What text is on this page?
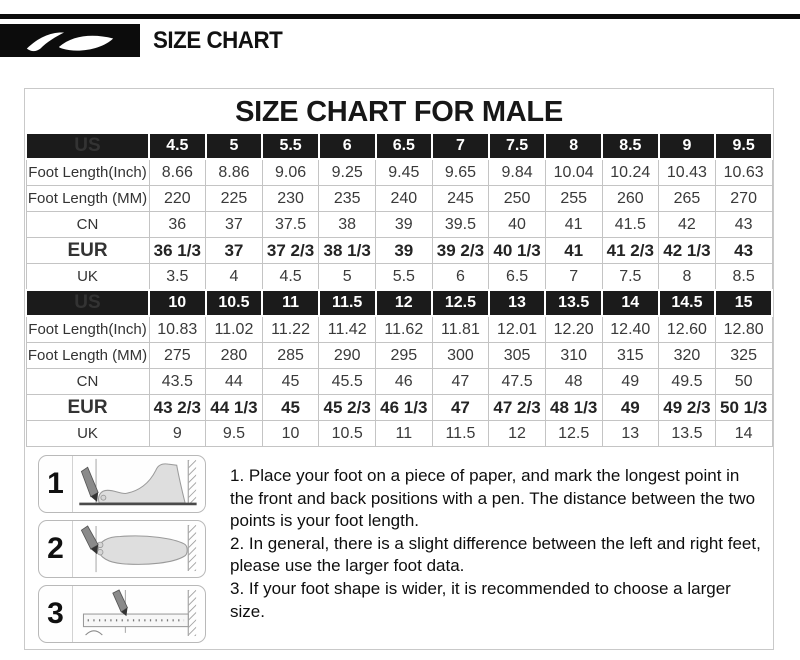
SIZE CHART
SIZE CHART FOR MALE
US	4.5	5	5.5	6	6.5	7	7.5	8	8.5	9	9.5
Foot Length(Inch)	8.66	8.86	9.06	9.25	9.45	9.65	9.84	10.04	10.24	10.43	10.63
Foot Length (MM)	220	225	230	235	240	245	250	255	260	265	270
CN	36	37	37.5	38	39	39.5	40	41	41.5	42	43
EUR	36 1/3	37	37 2/3	38 1/3	39	39 2/3	40 1/3	41	41 2/3	42 1/3	43
UK	3.5	4	4.5	5	5.5	6	6.5	7	7.5	8	8.5
US	10	10.5	11	11.5	12	12.5	13	13.5	14	14.5	15
Foot Length(Inch)	10.83	11.02	11.22	11.42	11.62	11.81	12.01	12.20	12.40	12.60	12.80
Foot Length (MM)	275	280	285	290	295	300	305	310	315	320	325
CN	43.5	44	45	45.5	46	47	47.5	48	49	49.5	50
EUR	43 2/3	44 1/3	45	45 2/3	46 1/3	47	47 2/3	48 1/3	49	49 2/3	50 1/3
UK	9	9.5	10	10.5	11	11.5	12	12.5	13	13.5	14
1
2
3

1. Place your foot on a piece of paper, and mark the longest point in the front and back positions with a pen. The distance between the two points is your foot length.

2. In general, there is a slight difference between the left and right feet, please use the larger foot data.

3. If your foot shape is wider, it is recommended to choose a larger size.
